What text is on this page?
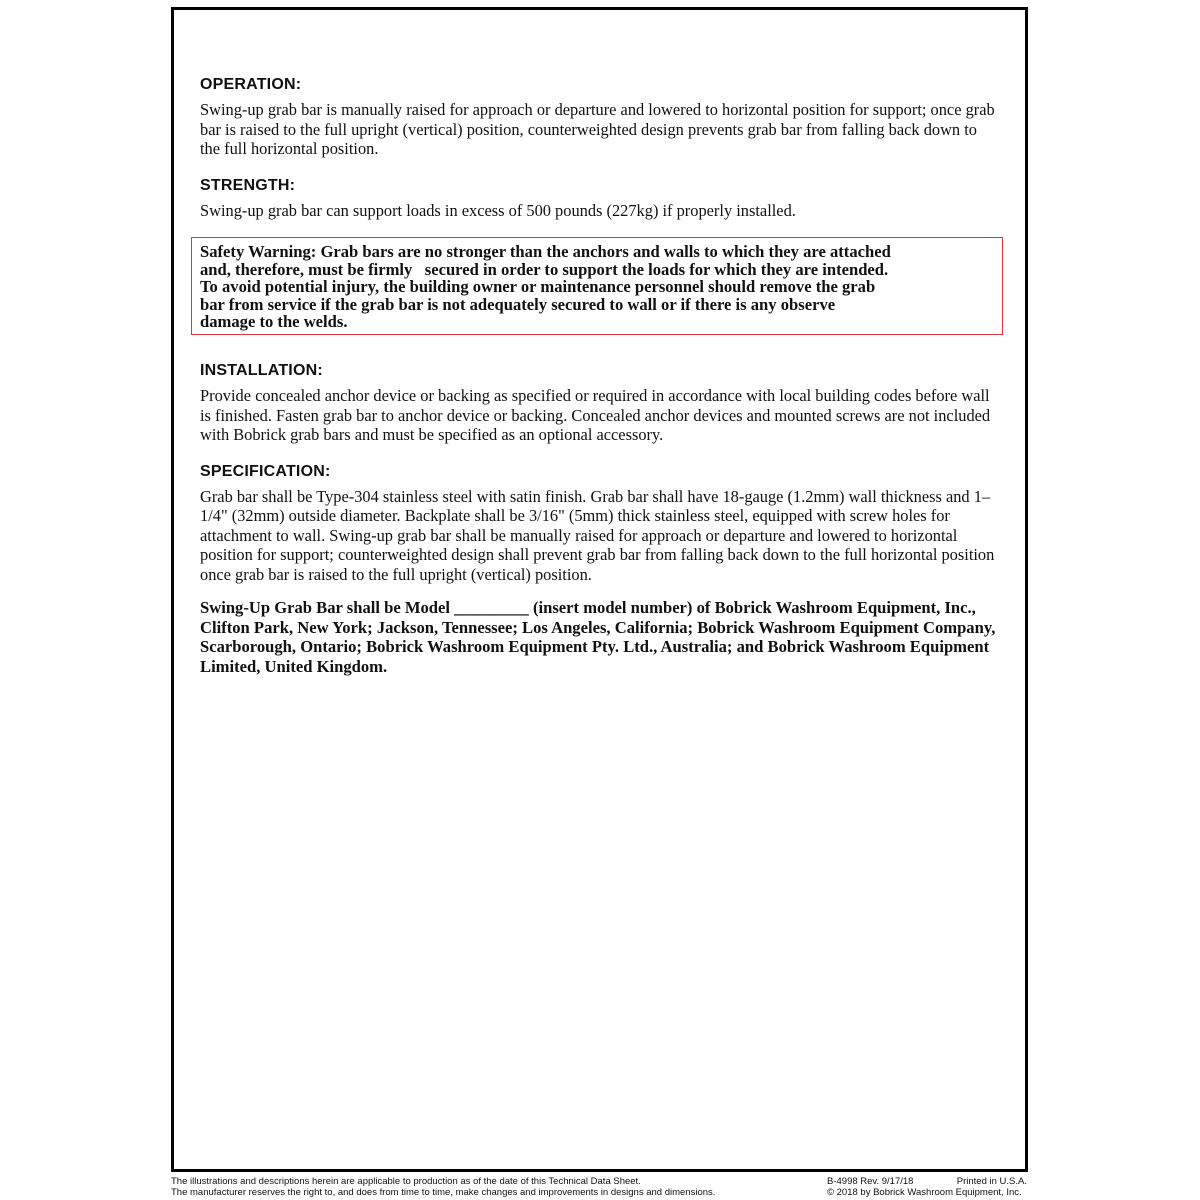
OPERATION:

Swing-up grab bar is manually raised for approach or departure and lowered to horizontal position for support; once grab bar is raised to the full upright (vertical) position, counterweighted design prevents grab bar from falling back down to the full horizontal position.

STRENGTH:

Swing-up grab bar can support loads in excess of 500 pounds (227kg) if properly installed.

Safety Warning: Grab bars are no stronger than the anchors and walls to which they are attached
and, therefore, must be firmly   secured in order to support the loads for which they are intended.
To avoid potential injury, the building owner or maintenance personnel should remove the grab
bar from service if the grab bar is not adequately secured to wall or if there is any observe
damage to the welds.
INSTALLATION:

Provide concealed anchor device or backing as specified or required in accordance with local building codes before wall is finished. Fasten grab bar to anchor device or backing. Concealed anchor devices and mounted screws are not included with Bobrick grab bars and must be specified as an optional accessory.

SPECIFICATION:

Grab bar shall be Type-304 stainless steel with satin finish. Grab bar shall have 18-gauge (1.2mm) wall thickness and 1–1/4" (32mm) outside diameter. Backplate shall be 3/16" (5mm) thick stainless steel, equipped with screw holes for attachment to wall. Swing-up grab bar shall be manually raised for approach or departure and lowered to horizontal position for support; counterweighted design shall prevent grab bar from falling back down to the full horizontal position once grab bar is raised to the full upright (vertical) position.

Swing-Up Grab Bar shall be Model _________ (insert model number) of Bobrick Washroom Equipment, Inc., Clifton Park, New York; Jackson, Tennessee; Los Angeles, California; Bobrick Washroom Equipment Company, Scarborough, Ontario; Bobrick Washroom Equipment Pty. Ltd., Australia; and Bobrick Washroom Equipment Limited, United Kingdom.

The illustrations and descriptions herein are applicable to production as of the date of this Technical Data Sheet.
The manufacturer reserves the right to, and does from time to time, make changes and improvements in designs and dimensions.
B-4998 Rev. 9/17/18	Printed in U.S.A.
© 2018 by Bobrick Washroom Equipment, Inc.
